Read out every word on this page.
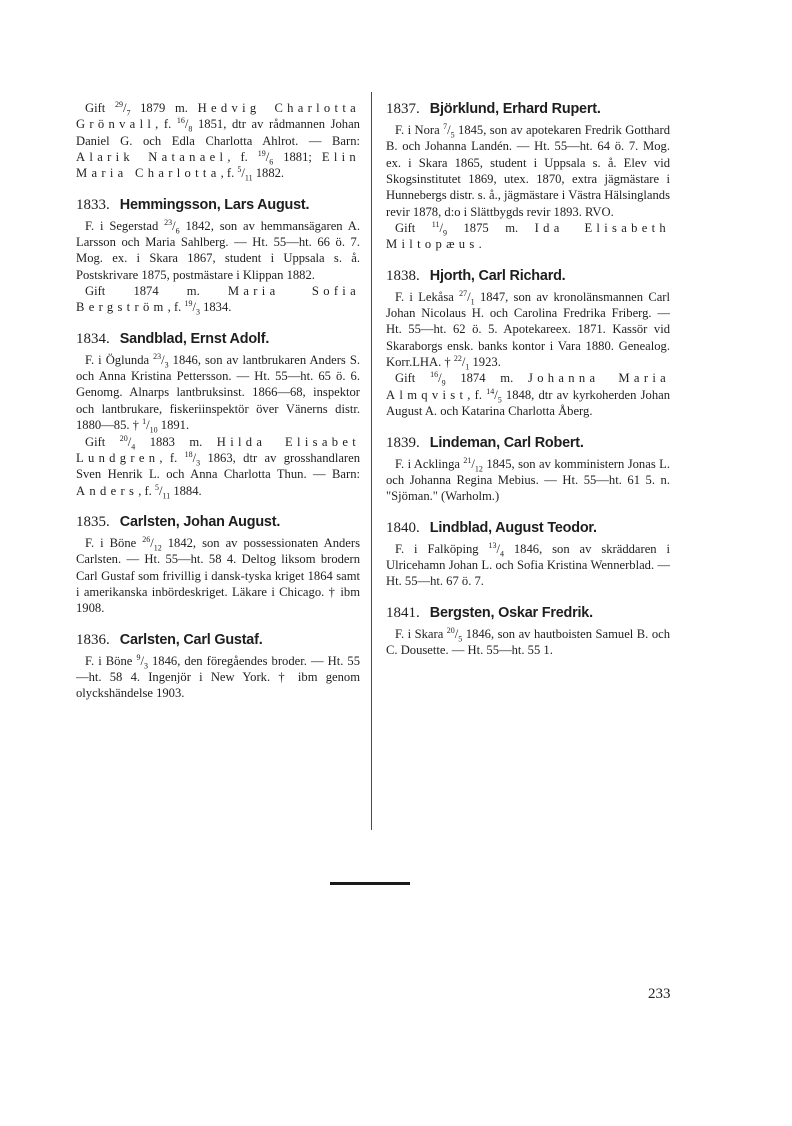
Gift $^{29}/_7$ 1879 m. Hedvig Charlotta Grönvall, f. $^{16}/_8$ 1851, dtr av rådmannen Johan Daniel G. och Edla Charlotta Ahlrot. — Barn: Alarik Natanael, f. $^{19}/_6$ 1881; Elin Maria Charlotta, f. $^5/_{11}$ 1882.

1833. Hemmingsson, Lars August.

F. i Segerstad $^{23}/_6$ 1842, son av hemmansägaren A. Larsson och Maria Sahlberg. — Ht. 55—ht. 66 ö. 7. Mog. ex. i Skara 1867, student i Uppsala s. å. Postskrivare 1875, postmästare i Klippan 1882.

Gift 1874 m. Maria Sofia Bergström, f. $^{19}/_3$ 1834.

1834. Sandblad, Ernst Adolf.

F. i Öglunda $^{23}/_3$ 1846, son av lantbrukaren Anders S. och Anna Kristina Pettersson. — Ht. 55—ht. 65 ö. 6. Genomg. Alnarps lantbruksinst. 1866—68, inspektor och lantbrukare, fiskeriinspektör över Vänerns distr. 1880—85. † $^1/_{10}$ 1891.

Gift $^{20}/_4$ 1883 m. Hilda Elisabet Lundgren, f. $^{18}/_3$ 1863, dtr av grosshandlaren Sven Henrik L. och Anna Charlotta Thun. — Barn: Anders, f. $^5/_{11}$ 1884.

1835. Carlsten, Johan August.

F. i Böne $^{26}/_{12}$ 1842, son av possessionaten Anders Carlsten. — Ht. 55—ht. 58 4. Deltog liksom brodern Carl Gustaf som frivillig i dansk-tyska kriget 1864 samt i amerikanska inbördeskriget. Läkare i Chicago. † ibm 1908.

1836. Carlsten, Carl Gustaf.

F. i Böne $^9/_3$ 1846, den föregåendes broder. — Ht. 55—ht. 58 4. Ingenjör i New York. † ibm genom olyckshändelse 1903.

1837. Björklund, Erhard Rupert.

F. i Nora $^7/_5$ 1845, son av apotekaren Fredrik Gotthard B. och Johanna Landén. — Ht. 55—ht. 64 ö. 7. Mog. ex. i Skara 1865, student i Uppsala s. å. Elev vid Skogsinstitutet 1869, utex. 1870, extra jägmästare i Hunnebergs distr. s. å., jägmästare i Västra Hälsinglands revir 1878, d:o i Slättbygds revir 1893. RVO.

Gift $^{11}/_9$ 1875 m. Ida Elisabeth Miltopæus.

1838. Hjorth, Carl Richard.

F. i Lekåsa $^{27}/_1$ 1847, son av kronolänsmannen Carl Johan Nicolaus H. och Carolina Fredrika Friberg. — Ht. 55—ht. 62 ö. 5. Apotekareex. 1871. Kassör vid Skaraborgs ensk. banks kontor i Vara 1880. Genealog. Korr.LHA. † $^{22}/_1$ 1923.

Gift $^{16}/_9$ 1874 m. Johanna Maria Almqvist, f. $^{14}/_5$ 1848, dtr av kyrkoherden Johan August A. och Katarina Charlotta Åberg.

1839. Lindeman, Carl Robert.

F. i Acklinga $^{21}/_{12}$ 1845, son av komministern Jonas L. och Johanna Regina Mebius. — Ht. 55—ht. 61 5. n. "Sjöman." (Warholm.)

1840. Lindblad, August Teodor.

F. i Falköping $^{13}/_4$ 1846, son av skräddaren i Ulricehamn Johan L. och Sofia Kristina Wennerblad. — Ht. 55—ht. 67 ö. 7.

1841. Bergsten, Oskar Fredrik.

F. i Skara $^{20}/_5$ 1846, son av hautboisten Samuel B. och C. Dousette. — Ht. 55—ht. 55 1.

233
